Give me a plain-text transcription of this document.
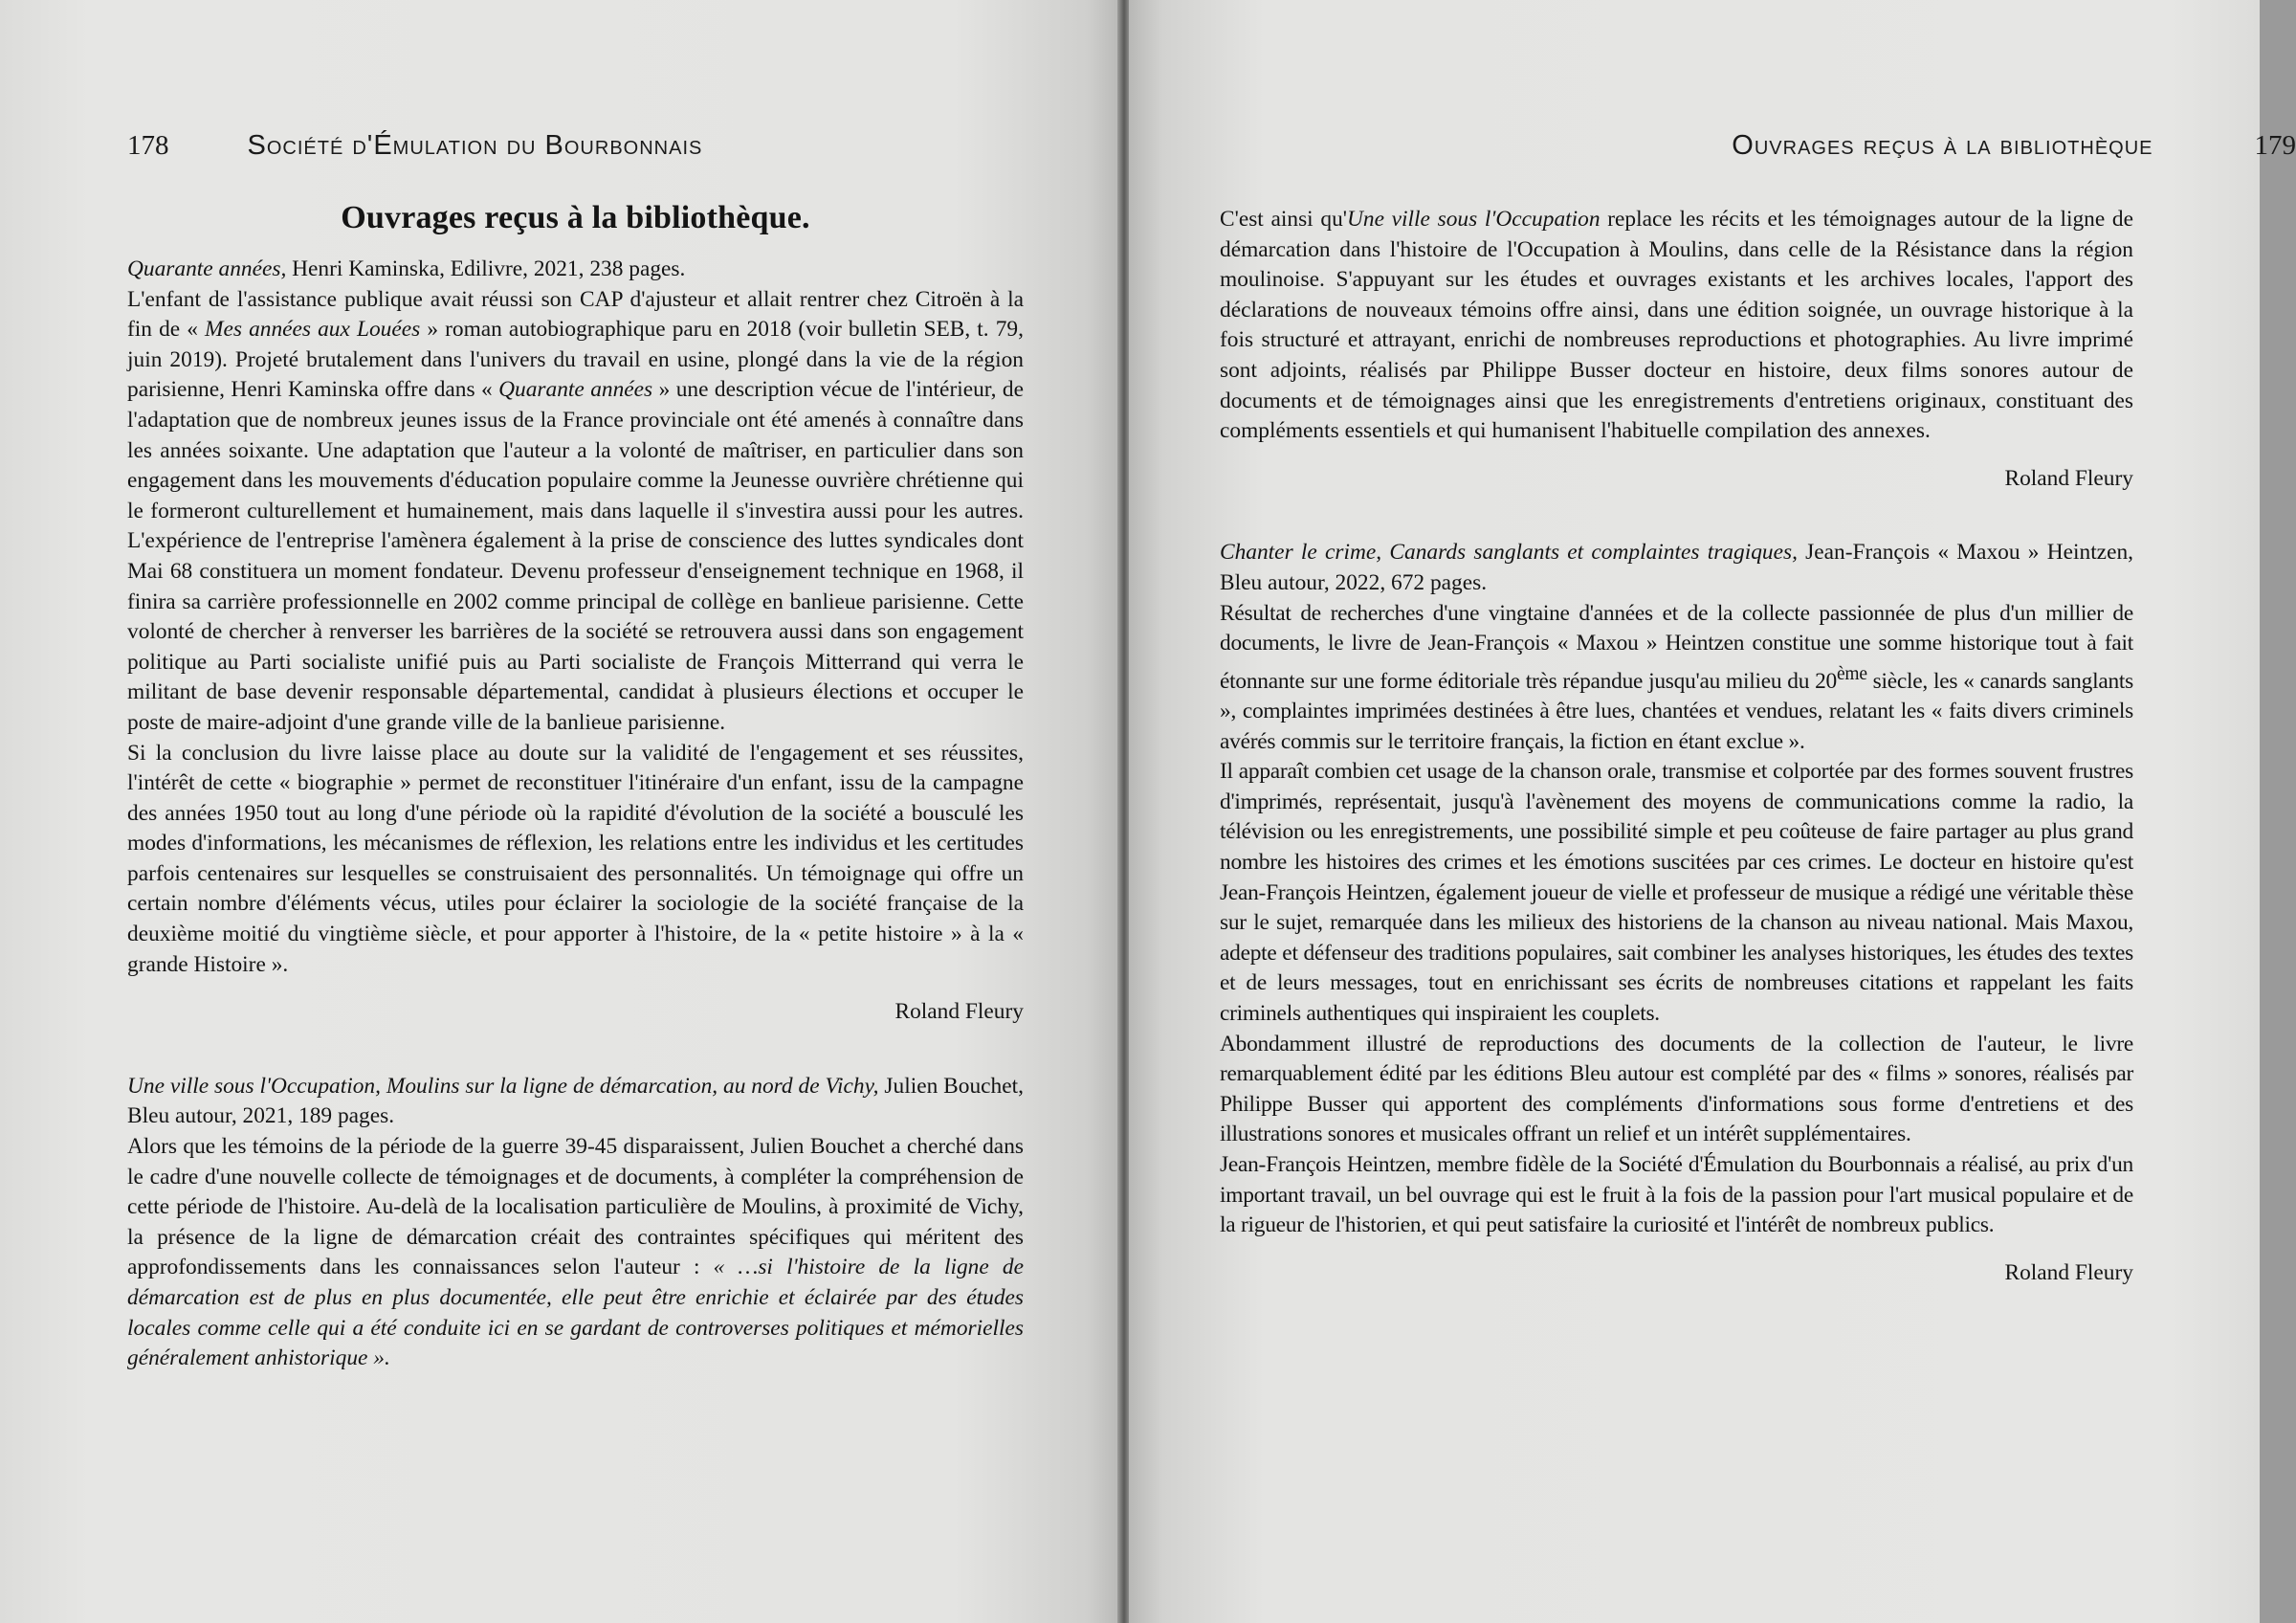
178	Société d'Émulation du Bourbonnais
Ouvrages reçus à la bibliothèque.

Quarante années, Henri Kaminska, Edilivre, 2021, 238 pages.

L'enfant de l'assistance publique avait réussi son CAP d'ajusteur et allait rentrer chez Citroën à la fin de « Mes années aux Louées » roman autobiographique paru en 2018 (voir bulletin SEB, t. 79, juin 2019). Projeté brutalement dans l'univers du travail en usine, plongé dans la vie de la région parisienne, Henri Kaminska offre dans « Quarante années » une description vécue de l'intérieur, de l'adaptation que de nombreux jeunes issus de la France provinciale ont été amenés à connaître dans les années soixante. Une adaptation que l'auteur a la volonté de maîtriser, en particulier dans son engagement dans les mouvements d'éducation populaire comme la Jeunesse ouvrière chrétienne qui le formeront culturellement et humainement, mais dans laquelle il s'investira aussi pour les autres. L'expérience de l'entreprise l'amènera également à la prise de conscience des luttes syndicales dont Mai 68 constituera un moment fondateur. Devenu professeur d'enseignement technique en 1968, il finira sa carrière professionnelle en 2002 comme principal de collège en banlieue parisienne. Cette volonté de chercher à renverser les barrières de la société se retrouvera aussi dans son engagement politique au Parti socialiste unifié puis au Parti socialiste de François Mitterrand qui verra le militant de base devenir responsable départemental, candidat à plusieurs élections et occuper le poste de maire-adjoint d'une grande ville de la banlieue parisienne.

Si la conclusion du livre laisse place au doute sur la validité de l'engagement et ses réussites, l'intérêt de cette « biographie » permet de reconstituer l'itinéraire d'un enfant, issu de la campagne des années 1950 tout au long d'une période où la rapidité d'évolution de la société a bousculé les modes d'informations, les mécanismes de réflexion, les relations entre les individus et les certitudes parfois centenaires sur lesquelles se construisaient des personnalités. Un témoignage qui offre un certain nombre d'éléments vécus, utiles pour éclairer la sociologie de la société française de la deuxième moitié du vingtième siècle, et pour apporter à l'histoire, de la « petite histoire » à la « grande Histoire ».

Roland Fleury

Une ville sous l'Occupation, Moulins sur la ligne de démarcation, au nord de Vichy, Julien Bouchet, Bleu autour, 2021, 189 pages.

Alors que les témoins de la période de la guerre 39-45 disparaissent, Julien Bouchet a cherché dans le cadre d'une nouvelle collecte de témoignages et de documents, à compléter la compréhension de cette période de l'histoire. Au-delà de la localisation particulière de Moulins, à proximité de Vichy, la présence de la ligne de démarcation créait des contraintes spécifiques qui méritent des approfondissements dans les connaissances selon l'auteur : « …si l'histoire de la ligne de démarcation est de plus en plus documentée, elle peut être enrichie et éclairée par des études locales comme celle qui a été conduite ici en se gardant de controverses politiques et mémorielles généralement anhistorique ».

Ouvrages reçus à la bibliothèque	179

C'est ainsi qu'Une ville sous l'Occupation replace les récits et les témoignages autour de la ligne de démarcation dans l'histoire de l'Occupation à Moulins, dans celle de la Résistance dans la région moulinoise. S'appuyant sur les études et ouvrages existants et les archives locales, l'apport des déclarations de nouveaux témoins offre ainsi, dans une édition soignée, un ouvrage historique à la fois structuré et attrayant, enrichi de nombreuses reproductions et photographies. Au livre imprimé sont adjoints, réalisés par Philippe Busser docteur en histoire, deux films sonores autour de documents et de témoignages ainsi que les enregistrements d'entretiens originaux, constituant des compléments essentiels et qui humanisent l'habituelle compilation des annexes.

Roland Fleury

Chanter le crime, Canards sanglants et complaintes tragiques, Jean-François « Maxou » Heintzen, Bleu autour, 2022, 672 pages.

Résultat de recherches d'une vingtaine d'années et de la collecte passionnée de plus d'un millier de documents, le livre de Jean-François « Maxou » Heintzen constitue une somme historique tout à fait étonnante sur une forme éditoriale très répandue jusqu'au milieu du 20ème siècle, les « canards sanglants », complaintes imprimées destinées à être lues, chantées et vendues, relatant les « faits divers criminels avérés commis sur le territoire français, la fiction en étant exclue ».

Il apparaît combien cet usage de la chanson orale, transmise et colportée par des formes souvent frustres d'imprimés, représentait, jusqu'à l'avènement des moyens de communications comme la radio, la télévision ou les enregistrements, une possibilité simple et peu coûteuse de faire partager au plus grand nombre les histoires des crimes et les émotions suscitées par ces crimes. Le docteur en histoire qu'est Jean-François Heintzen, également joueur de vielle et professeur de musique a rédigé une véritable thèse sur le sujet, remarquée dans les milieux des historiens de la chanson au niveau national. Mais Maxou, adepte et défenseur des traditions populaires, sait combiner les analyses historiques, les études des textes et de leurs messages, tout en enrichissant ses écrits de nombreuses citations et rappelant les faits criminels authentiques qui inspiraient les couplets.

Abondamment illustré de reproductions des documents de la collection de l'auteur, le livre remarquablement édité par les éditions Bleu autour est complété par des « films » sonores, réalisés par Philippe Busser qui apportent des compléments d'informations sous forme d'entretiens et des illustrations sonores et musicales offrant un relief et un intérêt supplémentaires.

Jean-François Heintzen, membre fidèle de la Société d'Émulation du Bourbonnais a réalisé, au prix d'un important travail, un bel ouvrage qui est le fruit à la fois de la passion pour l'art musical populaire et de la rigueur de l'historien, et qui peut satisfaire la curiosité et l'intérêt de nombreux publics.

Roland Fleury
